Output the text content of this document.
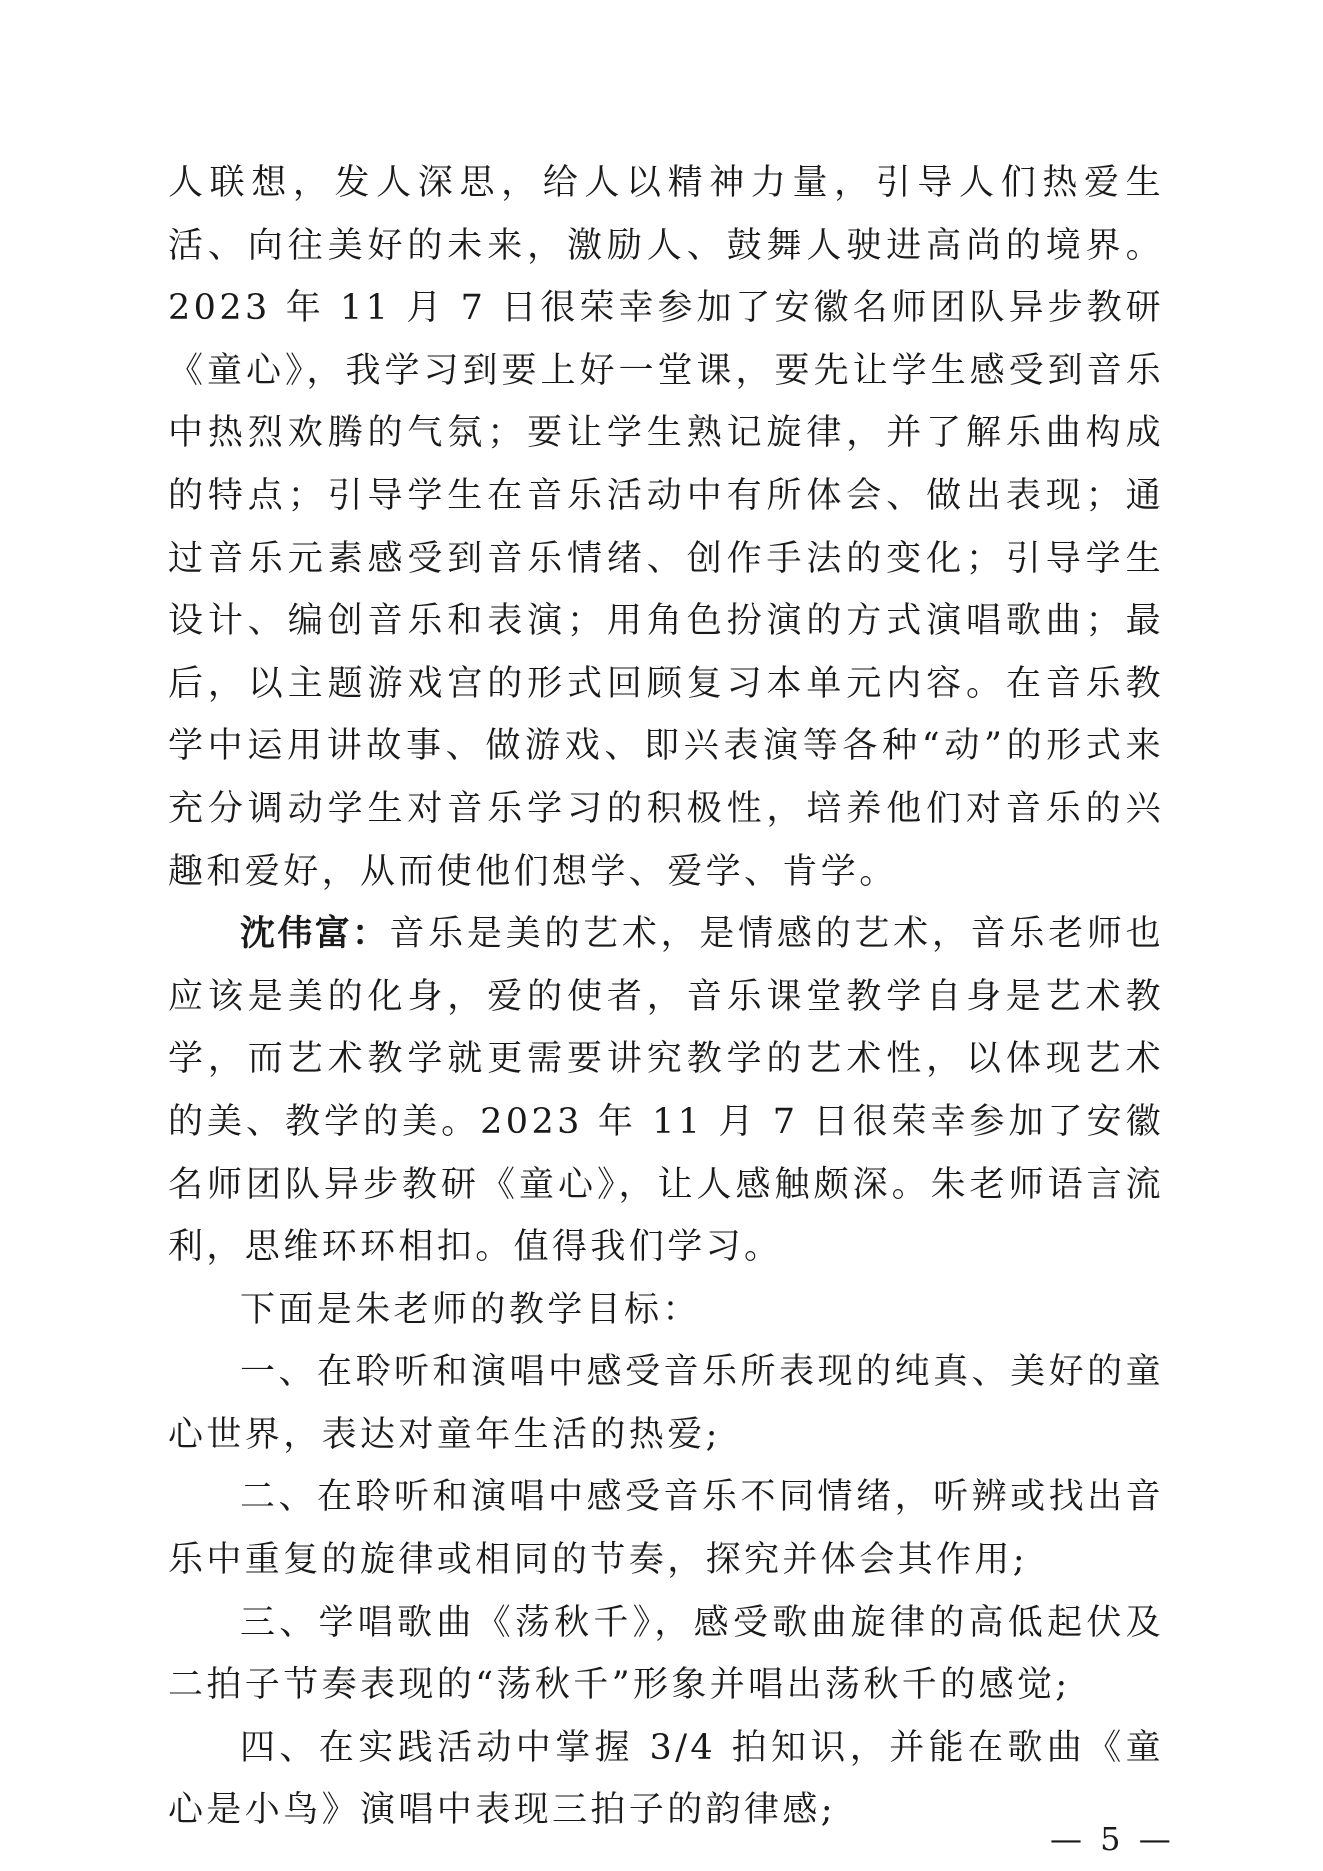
人联想，发人深思，给人以精神力量，引导人们热爱生活、向往美好的未来，激励人、鼓舞人驶进高尚的境界。2023 年 11 月 7 日很荣幸参加了安徽名师团队异步教研《童心》，我学习到要上好一堂课，要先让学生感受到音乐中热烈欢腾的气氛；要让学生熟记旋律，并了解乐曲构成的特点；引导学生在音乐活动中有所体会、做出表现；通过音乐元素感受到音乐情绪、创作手法的变化；引导学生设计、编创音乐和表演；用角色扮演的方式演唱歌曲；最后，以主题游戏宫的形式回顾复习本单元内容。在音乐教学中运用讲故事、做游戏、即兴表演等各种“动”的形式来充分调动学生对音乐学习的积极性，培养他们对音乐的兴趣和爱好，从而使他们想学、爱学、肯学。

沈伟富：音乐是美的艺术，是情感的艺术，音乐老师也应该是美的化身，爱的使者，音乐课堂教学自身是艺术教学，而艺术教学就更需要讲究教学的艺术性，以体现艺术的美、教学的美。2023 年 11 月 7 日很荣幸参加了安徽名师团队异步教研《童心》，让人感触颇深。朱老师语言流利，思维环环相扣。值得我们学习。

下面是朱老师的教学目标：

一、在聆听和演唱中感受音乐所表现的纯真、美好的童心世界，表达对童年生活的热爱;

二、在聆听和演唱中感受音乐不同情绪，听辨或找出音乐中重复的旋律或相同的节奏，探究并体会其作用;

三、学唱歌曲《荡秋千》，感受歌曲旋律的高低起伏及二拍子节奏表现的“荡秋千”形象并唱出荡秋千的感觉;

四、在实践活动中掌握 3/4 拍知识，并能在歌曲《童心是小鸟》演唱中表现三拍子的韵律感;

— 5 —
